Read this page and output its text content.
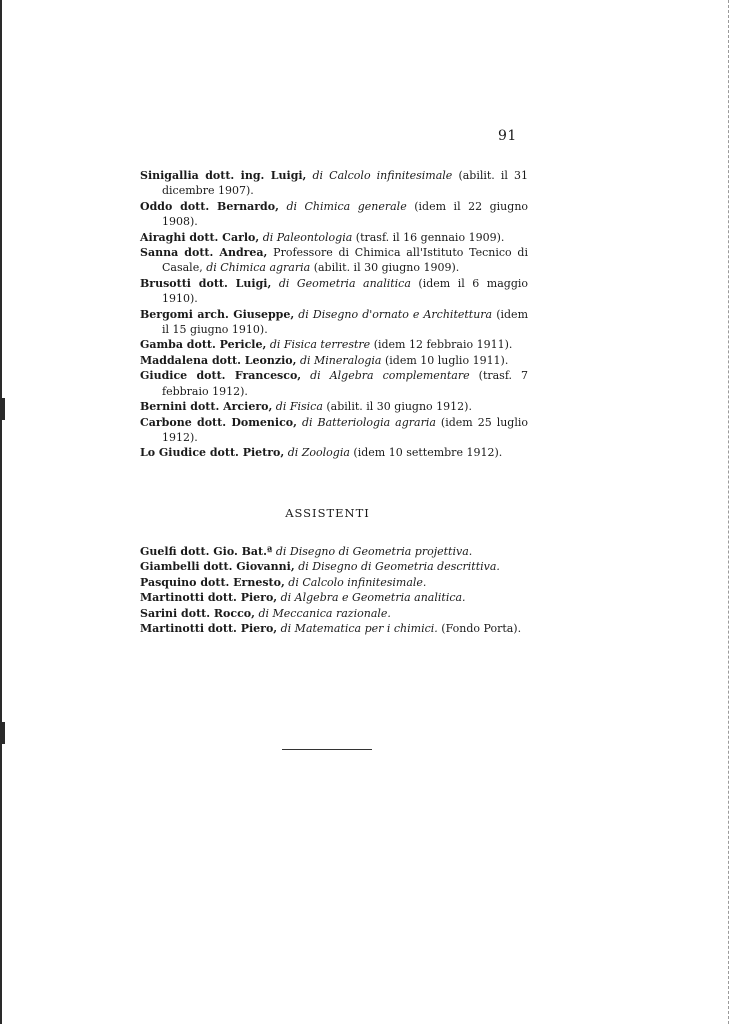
91
Sinigallia dott. ing. Luigi, di Calcolo infinitesimale (abilit. il 31 dicembre 1907).
Oddo dott. Bernardo, di Chimica generale (idem il 22 giugno 1908).
Airaghi dott. Carlo, di Paleontologia (trasf. il 16 gennaio 1909).
Sanna dott. Andrea, Professore di Chimica all'Istituto Tecnico di Casale, di Chimica agraria (abilit. il 30 giugno 1909).
Brusotti dott. Luigi, di Geometria analitica (idem il 6 maggio 1910).
Bergomi arch. Giuseppe, di Disegno d'ornato e Architettura (idem il 15 giugno 1910).
Gamba dott. Pericle, di Fisica terrestre (idem 12 febbraio 1911).
Maddalena dott. Leonzio, di Mineralogia (idem 10 luglio 1911).
Giudice dott. Francesco, di Algebra complementare (trasf. 7 febbraio 1912).
Bernini dott. Arciero, di Fisica (abilit. il 30 giugno 1912).
Carbone dott. Domenico, di Batteriologia agraria (idem 25 luglio 1912).
Lo Giudice dott. Pietro, di Zoologia (idem 10 settembre 1912).
ASSISTENTI
Guelfi dott. Gio. Bat.ª di Disegno di Geometria projettiva.
Giambelli dott. Giovanni, di Disegno di Geometria descrittiva.
Pasquino dott. Ernesto, di Calcolo infinitesimale.
Martinotti dott. Piero, di Algebra e Geometria analitica.
Sarini dott. Rocco, di Meccanica razionale.
Martinotti dott. Piero, di Matematica per i chimici. (Fondo Porta).
